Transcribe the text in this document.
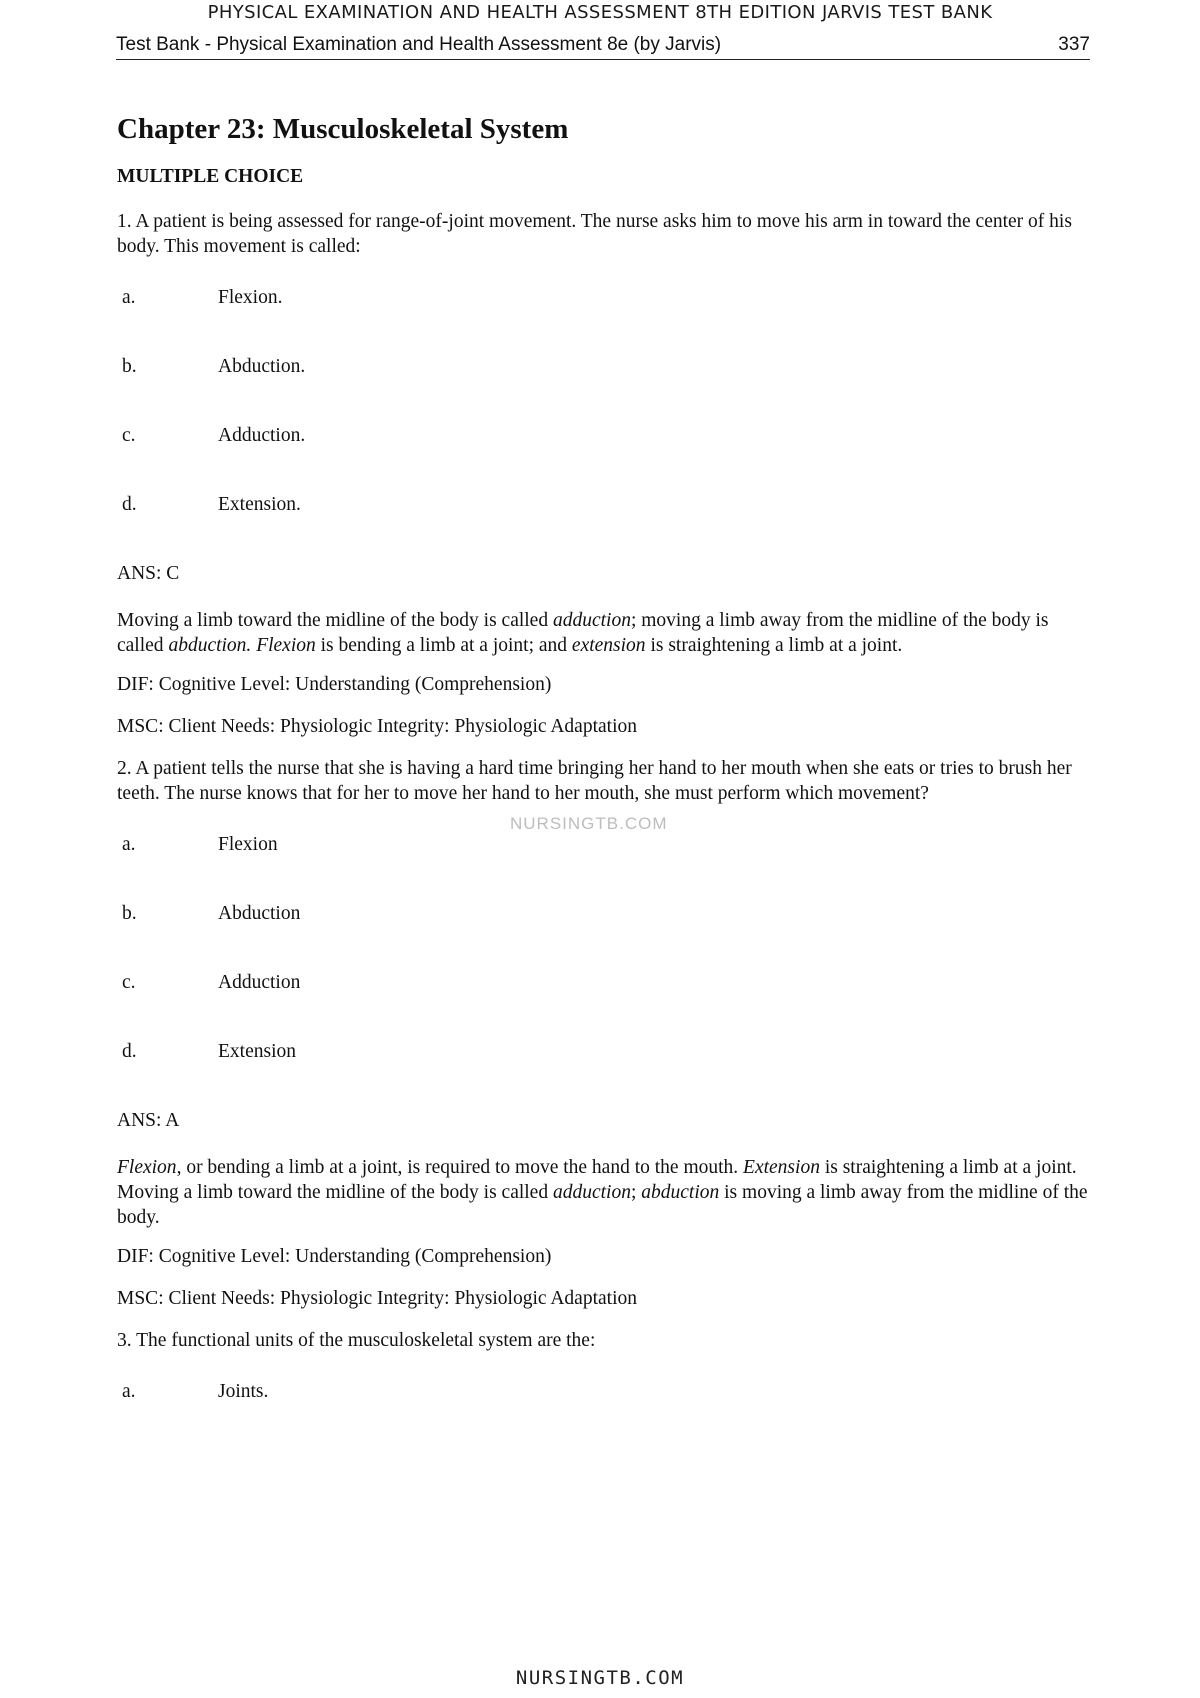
PHYSICAL EXAMINATION AND HEALTH ASSESSMENT 8TH EDITION JARVIS TEST BANK
Test Bank - Physical Examination and Health Assessment 8e (by Jarvis)	337
Chapter 23: Musculoskeletal System
MULTIPLE CHOICE

1. A patient is being assessed for range-of-joint movement. The nurse asks him to move his arm in toward the center of his body. This movement is called:

a.	Flexion.
b.	Abduction.
c.	Adduction.
d.	Extension.

ANS: C

Moving a limb toward the midline of the body is called adduction; moving a limb away from the midline of the body is called abduction. Flexion is bending a limb at a joint; and extension is straightening a limb at a joint.

DIF: Cognitive Level: Understanding (Comprehension)

MSC: Client Needs: Physiologic Integrity: Physiologic Adaptation

2. A patient tells the nurse that she is having a hard time bringing her hand to her mouth when she eats or tries to brush her teeth. The nurse knows that for her to move her hand to her mouth, she must perform which movement?

a.	Flexion
b.	Abduction
c.	Adduction
d.	Extension

ANS: A

Flexion, or bending a limb at a joint, is required to move the hand to the mouth. Extension is straightening a limb at a joint. Moving a limb toward the midline of the body is called adduction; abduction is moving a limb away from the midline of the body.

DIF: Cognitive Level: Understanding (Comprehension)

MSC: Client Needs: Physiologic Integrity: Physiologic Adaptation

3. The functional units of the musculoskeletal system are the:

a.	Joints.
NURSINGTB.COM
NURSINGTB.COM
